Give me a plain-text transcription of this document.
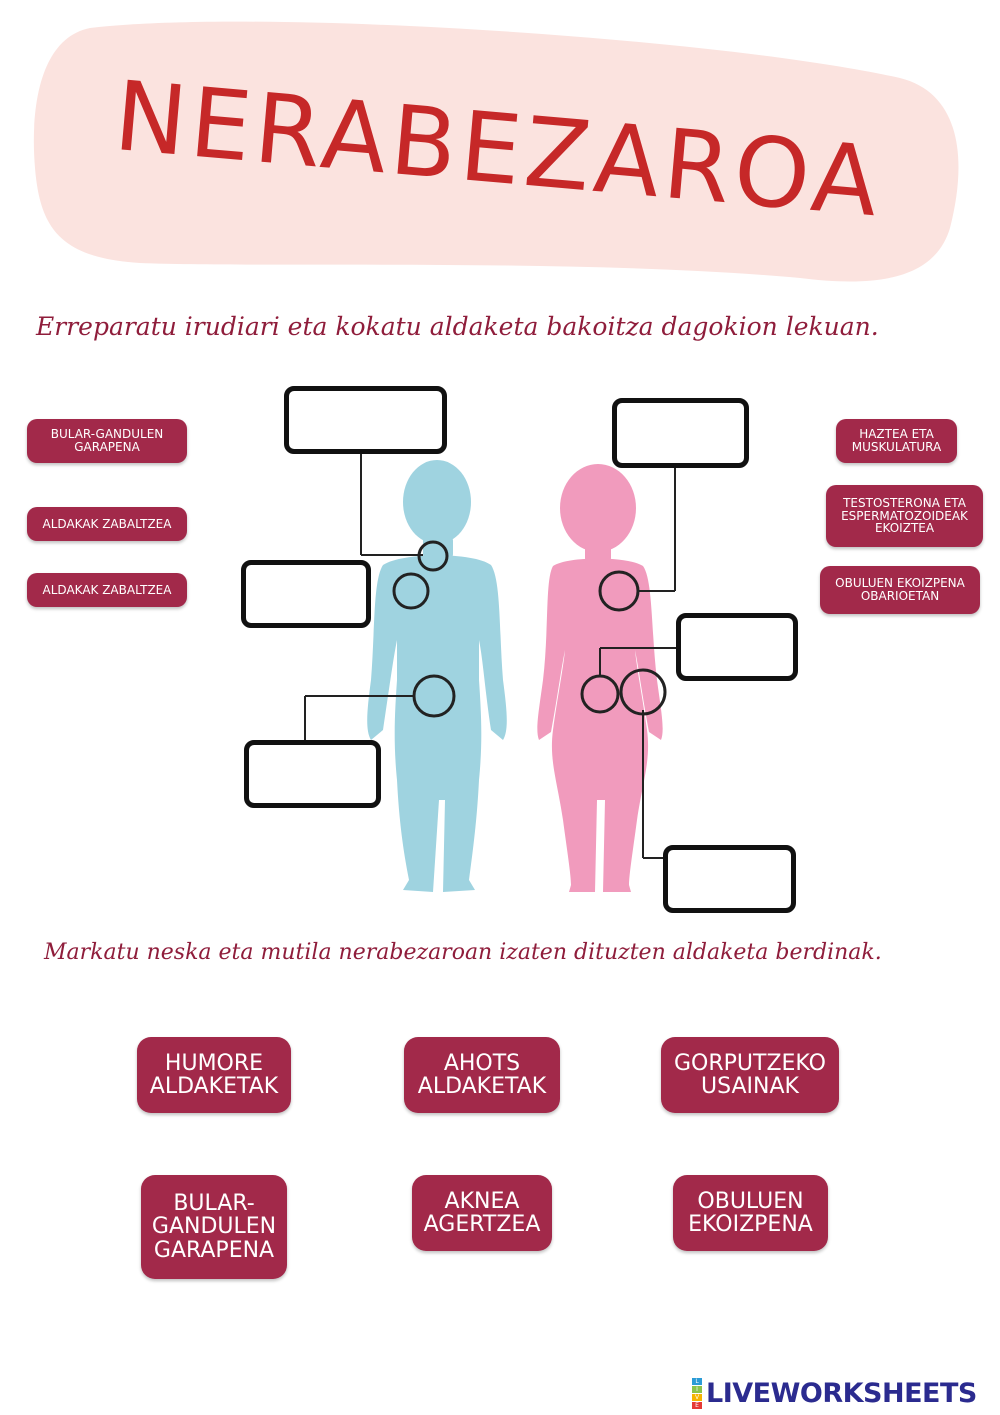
NERABEZAROA
Erreparatu irudiari eta kokatu aldaketa bakoitza dagokion lekuan.
BULAR-GANDULEN
GARAPENA
ALDAKAK ZABALTZEA
ALDAKAK ZABALTZEA
HAZTEA ETA
MUSKULATURA
TESTOSTERONA ETA
ESPERMATOZOIDEAK
EKOIZTEA
OBULUEN EKOIZPENA
OBARIOETAN
Markatu neska eta mutila nerabezaroan izaten dituzten aldaketa berdinak.
HUMORE
ALDAKETAK
AHOTS
ALDAKETAK
GORPUTZEKO
USAINAK
BULAR-
GANDULEN
GARAPENA
AKNEA
AGERTZEA
OBULUEN
EKOIZPENA
L
I
V
E LIVEWORKSHEETS
